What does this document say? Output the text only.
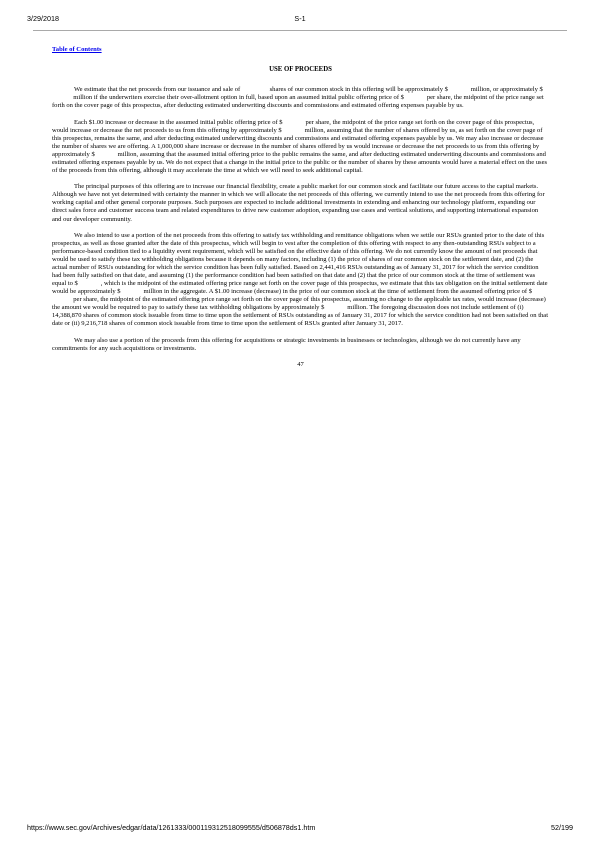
3/29/2018	S-1
Table of Contents
USE OF PROCEEDS

We estimate that the net proceeds from our issuance and sale of      shares of our common stock in this offering will be approximately $     million, or approximately $     million if the underwriters exercise their over-allotment option in full, based upon an assumed initial public offering price of $     per share, the midpoint of the price range set forth on the cover page of this prospectus, after deducting estimated underwriting discounts and commissions and estimated offering expenses payable by us.

Each $1.00 increase or decrease in the assumed initial public offering price of $     per share, the midpoint of the price range set forth on the cover page of this prospectus, would increase or decrease the net proceeds to us from this offering by approximately $     million, assuming that the number of shares offered by us, as set forth on the cover page of this prospectus, remains the same, and after deducting estimated underwriting discounts and commissions and estimated offering expenses payable by us. We may also increase or decrease the number of shares we are offering. A 1,000,000 share increase or decrease in the number of shares offered by us would increase or decrease the net proceeds to us from this offering by approximately $     million, assuming that the assumed initial offering price to the public remains the same, and after deducting estimated underwriting discounts and commissions and estimated offering expenses payable by us. We do not expect that a change in the initial price to the public or the number of shares by these amounts would have a material effect on the uses of the proceeds from this offering, although it may accelerate the time at which we will need to seek additional capital.

The principal purposes of this offering are to increase our financial flexibility, create a public market for our common stock and facilitate our future access to the capital markets. Although we have not yet determined with certainty the manner in which we will allocate the net proceeds of this offering, we currently intend to use the net proceeds from this offering for working capital and other general corporate purposes. Such purposes are expected to include additional investments in extending and enhancing our technology platform, expanding our direct sales force and customer success team and related expenditures to drive new customer adoption, expanding use cases and vertical solutions, and supporting international expansion and our developer community.

We also intend to use a portion of the net proceeds from this offering to satisfy tax withholding and remittance obligations when we settle our RSUs granted prior to the date of this prospectus, as well as those granted after the date of this prospectus, which will begin to vest after the completion of this offering with respect to any then-outstanding RSUs subject to a performance-based condition tied to a liquidity event requirement, which will be satisfied on the effective date of this offering. We do not currently know the amount of net proceeds that would be used to satisfy these tax withholding obligations because it depends on many factors, including (1) the price of shares of our common stock on the settlement date, and (2) the actual number of RSUs outstanding for which the service condition has been fully satisfied. Based on 2,441,416 RSUs outstanding as of January 31, 2017 for which the service condition had been fully satisfied on that date, and assuming (1) the performance condition had been satisfied on that date and (2) that the price of our common stock at the time of settlement was equal to $     , which is the midpoint of the estimated offering price range set forth on the cover page of this prospectus, we estimate that this tax obligation on the initial settlement date would be approximately $     million in the aggregate. A $1.00 increase (decrease) in the price of our common stock at the time of settlement from the assumed offering price of $     per share, the midpoint of the estimated offering price range set forth on the cover page of this prospectus, assuming no change to the applicable tax rates, would increase (decrease) the amount we would be required to pay to satisfy these tax withholding obligations by approximately $     million. The foregoing discussion does not include settlement of (i) 14,388,870 shares of common stock issuable from time to time upon the settlement of RSUs outstanding as of January 31, 2017 for which the service condition had not been satisfied on that date or (ii) 9,216,718 shares of common stock issuable from time to time upon the settlement of RSUs granted after January 31, 2017.

We may also use a portion of the proceeds from this offering for acquisitions or strategic investments in businesses or technologies, although we do not currently have any commitments for any such acquisitions or investments.

47
https://www.sec.gov/Archives/edgar/data/1261333/000119312518099555/d506878ds1.htm	52/199
